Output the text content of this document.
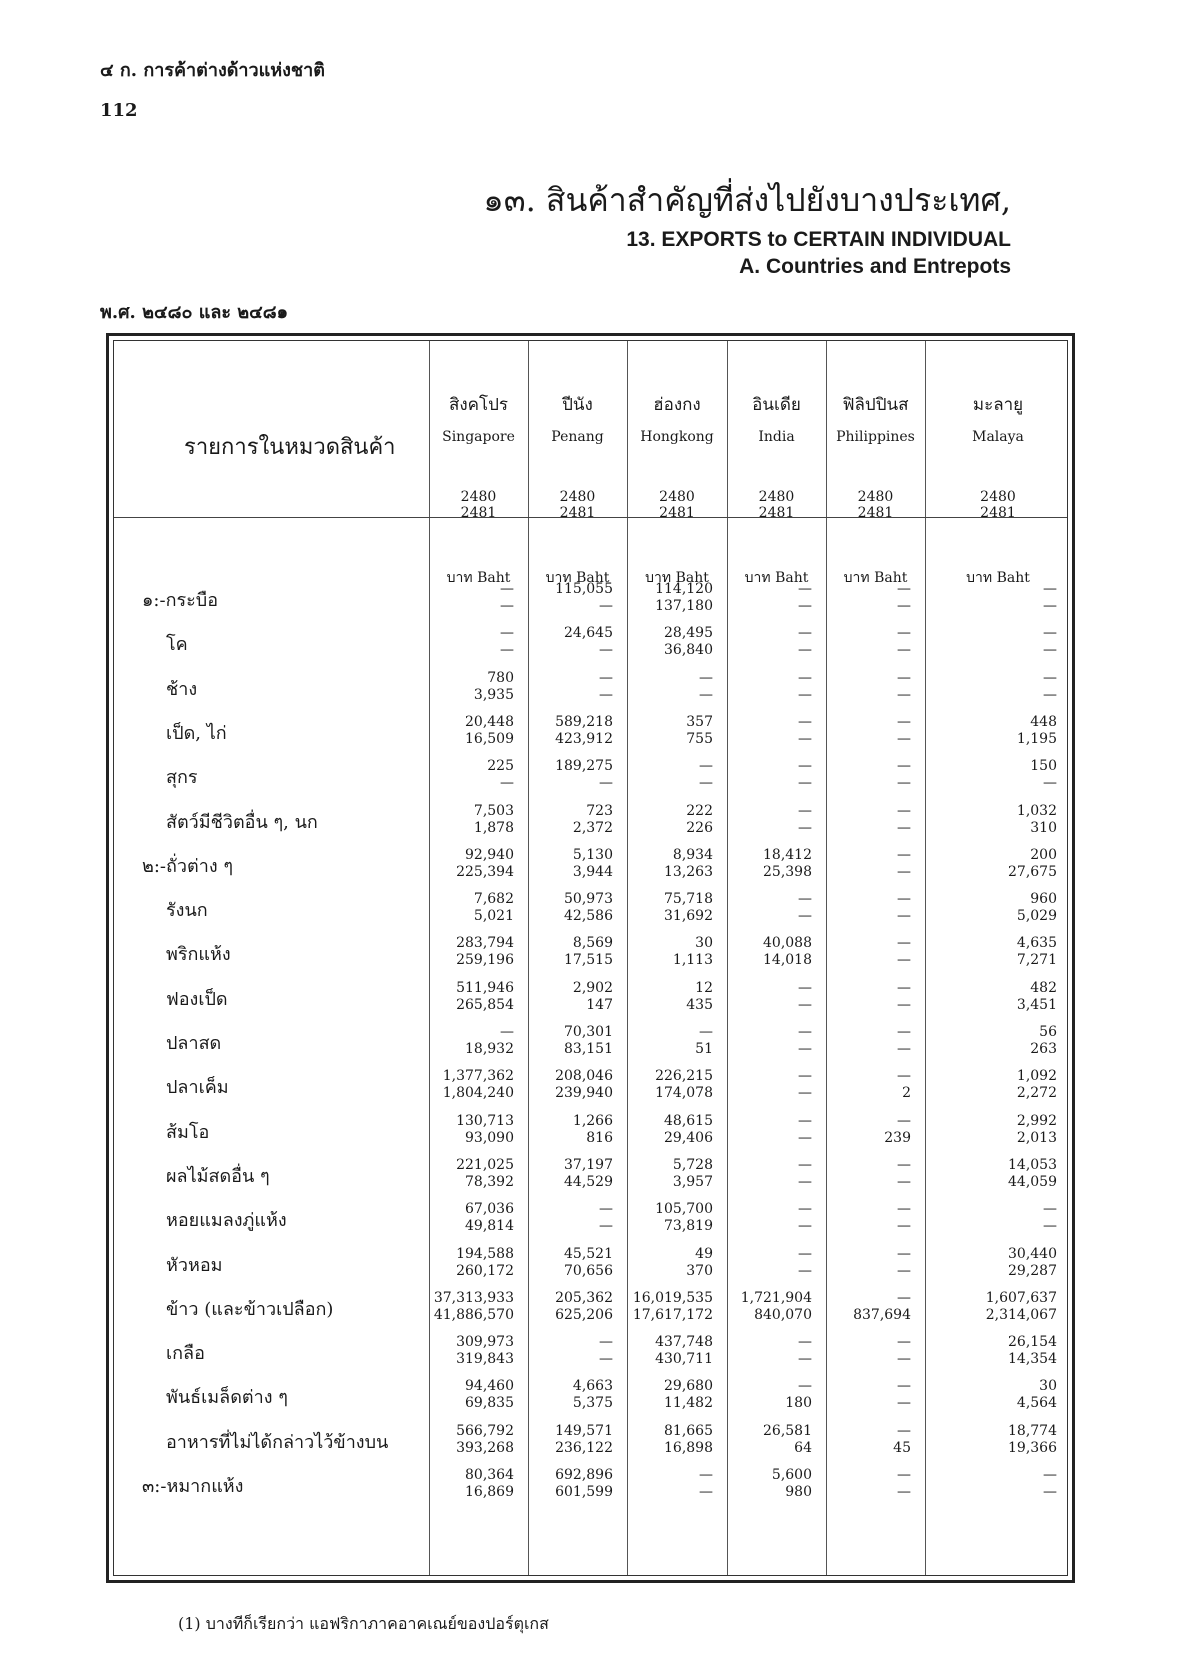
๔ ก. การค้าต่างด้าวแห่งชาติ
112
๑๓. สินค้าสำคัญที่ส่งไปยังบางประเทศ,
13. EXPORTS to CERTAIN INDIVIDUAL
A. Countries and Entrepots
พ.ศ. ๒๔๘๐ และ ๒๔๘๑
รายการในหมวดสินค้า
สิงคโปร
Singapore
2480
2481
บาท Baht
ปีนัง
Penang
2480
2481
บาท Baht
ฮ่องกง
Hongkong
2480
2481
บาท Baht
อินเดีย
India
2480
2481
บาท Baht
ฟิลิปปินส
Philippines
2480
2481
บาท Baht
มะลายู
Malaya
2480
2481
บาท Baht
๑:-กระบือ
—
—
115,055
—
114,120
137,180
—
—
—
—
—
—
โค
—
—
24,645
—
28,495
36,840
—
—
—
—
—
—
ช้าง
780
3,935
—
—
—
—
—
—
—
—
—
—
เป็ด, ไก่
20,448
16,509
589,218
423,912
357
755
—
—
—
—
448
1,195
สุกร
225
—
189,275
—
—
—
—
—
—
—
150
—
สัตว์มีชีวิตอื่น ๆ, นก
7,503
1,878
723
2,372
222
226
—
—
—
—
1,032
310
๒:-ถั่วต่าง ๆ
92,940
225,394
5,130
3,944
8,934
13,263
18,412
25,398
—
—
200
27,675
รังนก
7,682
5,021
50,973
42,586
75,718
31,692
—
—
—
—
960
5,029
พริกแห้ง
283,794
259,196
8,569
17,515
30
1,113
40,088
14,018
—
—
4,635
7,271
ฟองเป็ด
511,946
265,854
2,902
147
12
435
—
—
—
—
482
3,451
ปลาสด
—
18,932
70,301
83,151
—
51
—
—
—
—
56
263
ปลาเค็ม
1,377,362
1,804,240
208,046
239,940
226,215
174,078
—
—
—
2
1,092
2,272
ส้มโอ
130,713
93,090
1,266
816
48,615
29,406
—
—
—
239
2,992
2,013
ผลไม้สดอื่น ๆ
221,025
78,392
37,197
44,529
5,728
3,957
—
—
—
—
14,053
44,059
หอยแมลงภู่แห้ง
67,036
49,814
—
—
105,700
73,819
—
—
—
—
—
—
หัวหอม
194,588
260,172
45,521
70,656
49
370
—
—
—
—
30,440
29,287
ข้าว (และข้าวเปลือก)
37,313,933
41,886,570
205,362
625,206
16,019,535
17,617,172
1,721,904
840,070
—
837,694
1,607,637
2,314,067
เกลือ
309,973
319,843
—
—
437,748
430,711
—
—
—
—
26,154
14,354
พันธ์เมล็ดต่าง ๆ
94,460
69,835
4,663
5,375
29,680
11,482
—
180
—
—
30
4,564
อาหารที่ไม่ได้กล่าวไว้ข้างบน
566,792
393,268
149,571
236,122
81,665
16,898
26,581
64
—
45
18,774
19,366
๓:-หมากแห้ง
80,364
16,869
692,896
601,599
—
—
5,600
980
—
—
—
—
(1) บางทีก็เรียกว่า แอฟริกาภาคอาคเณย์ของปอร์ตุเกส
